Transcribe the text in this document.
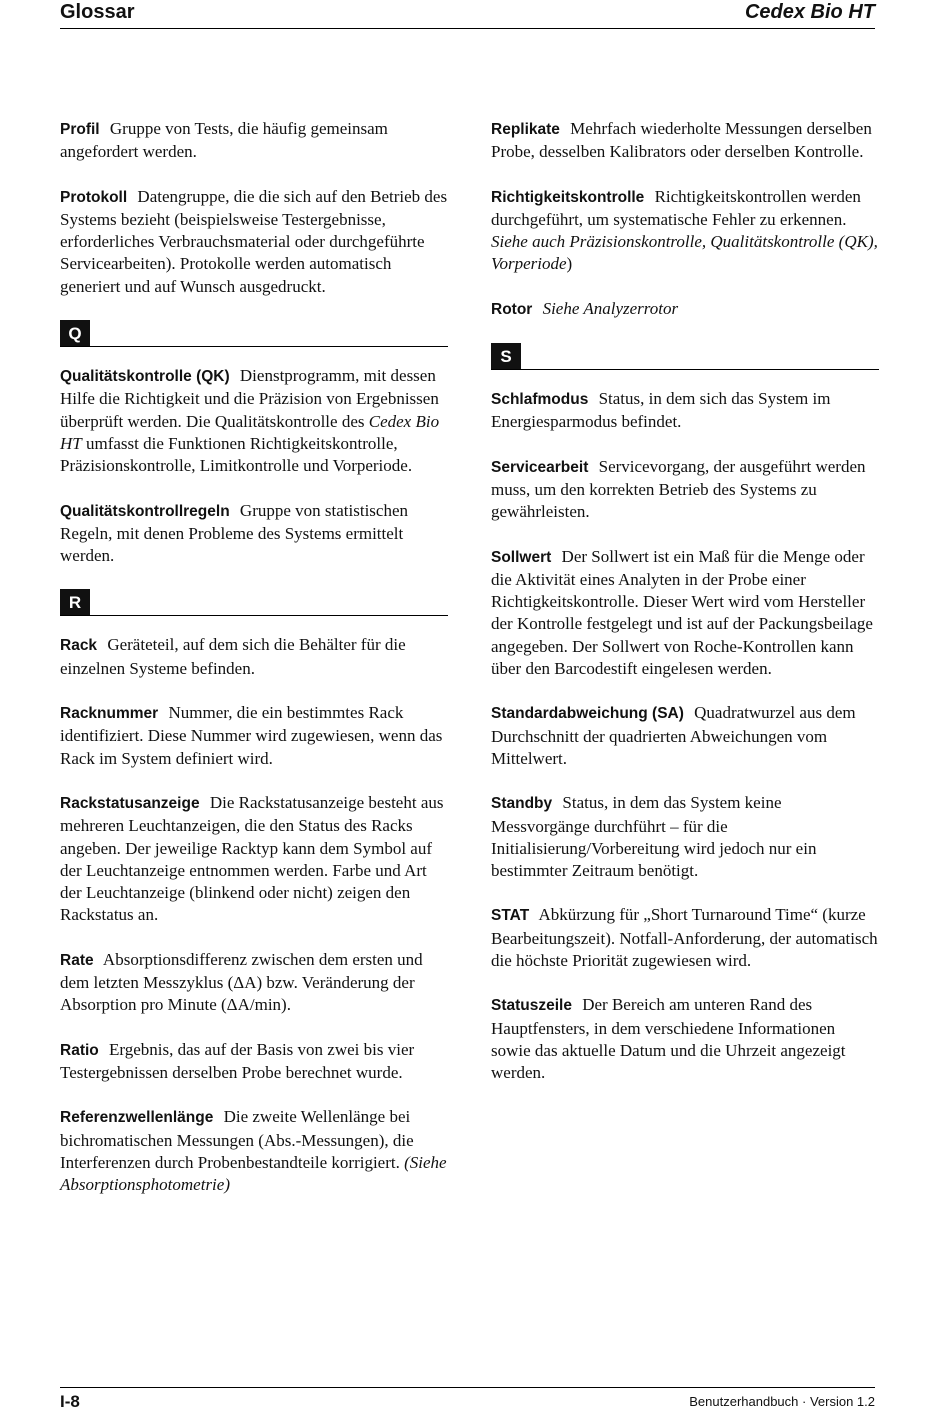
Glossar	Cedex Bio HT

Profil Gruppe von Tests, die häufig gemeinsam angefordert werden.

Protokoll Datengruppe, die die sich auf den Betrieb des Systems bezieht (beispielsweise Testergebnisse, erforderliches Verbrauchsmaterial oder durchgeführte Servicearbeiten). Protokolle werden automatisch generiert und auf Wunsch ausgedruckt.

Q

Qualitätskontrolle (QK) Dienstprogramm, mit dessen Hilfe die Richtigkeit und die Präzision von Ergebnissen überprüft werden. Die Qualitätskontrolle des Cedex Bio HT umfasst die Funktionen Richtigkeitskontrolle, Präzisionskontrolle, Limitkontrolle und Vorperiode.

Qualitätskontrollregeln Gruppe von statistischen Regeln, mit denen Probleme des Systems ermittelt werden.

R

Rack Geräteteil, auf dem sich die Behälter für die einzelnen Systeme befinden.

Racknummer Nummer, die ein bestimmtes Rack identifiziert. Diese Nummer wird zugewiesen, wenn das Rack im System definiert wird.

Rackstatusanzeige Die Rackstatusanzeige besteht aus mehreren Leuchtanzeigen, die den Status des Racks angeben. Der jeweilige Racktyp kann dem Symbol auf der Leuchtanzeige entnommen werden. Farbe und Art der Leuchtanzeige (blinkend oder nicht) zeigen den Rackstatus an.

Rate Absorptionsdifferenz zwischen dem ersten und dem letzten Messzyklus (ΔA) bzw. Veränderung der Absorption pro Minute (ΔA/min).

Ratio Ergebnis, das auf der Basis von zwei bis vier Testergebnissen derselben Probe berechnet wurde.

Referenzwellenlänge Die zweite Wellenlänge bei bichromatischen Messungen (Abs.-Messungen), die Interferenzen durch Probenbestandteile korrigiert. (Siehe Absorptionsphotometrie)

Replikate Mehrfach wiederholte Messungen derselben Probe, desselben Kalibrators oder derselben Kontrolle.

Richtigkeitskontrolle Richtigkeitskontrollen werden durchgeführt, um systematische Fehler zu erkennen. Siehe auch Präzisionskontrolle, Qualitätskontrolle (QK), Vorperiode)

Rotor Siehe Analyzerrotor

S

Schlafmodus Status, in dem sich das System im Energiesparmodus befindet.

Servicearbeit Servicevorgang, der ausgeführt werden muss, um den korrekten Betrieb des Systems zu gewährleisten.

Sollwert Der Sollwert ist ein Maß für die Menge oder die Aktivität eines Analyten in der Probe einer Richtigkeitskontrolle. Dieser Wert wird vom Hersteller der Kontrolle festgelegt und ist auf der Packungsbeilage angegeben. Der Sollwert von Roche-Kontrollen kann über den Barcodestift eingelesen werden.

Standardabweichung (SA) Quadratwurzel aus dem Durchschnitt der quadrierten Abweichungen vom Mittelwert.

Standby Status, in dem das System keine Messvorgänge durchführt – für die Initialisierung/Vorbereitung wird jedoch nur ein bestimmter Zeitraum benötigt.

STAT Abkürzung für „Short Turnaround Time“ (kurze Bearbeitungszeit). Notfall-Anforderung, der automatisch die höchste Priorität zugewiesen wird.

Statuszeile Der Bereich am unteren Rand des Hauptfensters, in dem verschiedene Informationen sowie das aktuelle Datum und die Uhrzeit angezeigt werden.

I-8	Benutzerhandbuch · Version 1.2
